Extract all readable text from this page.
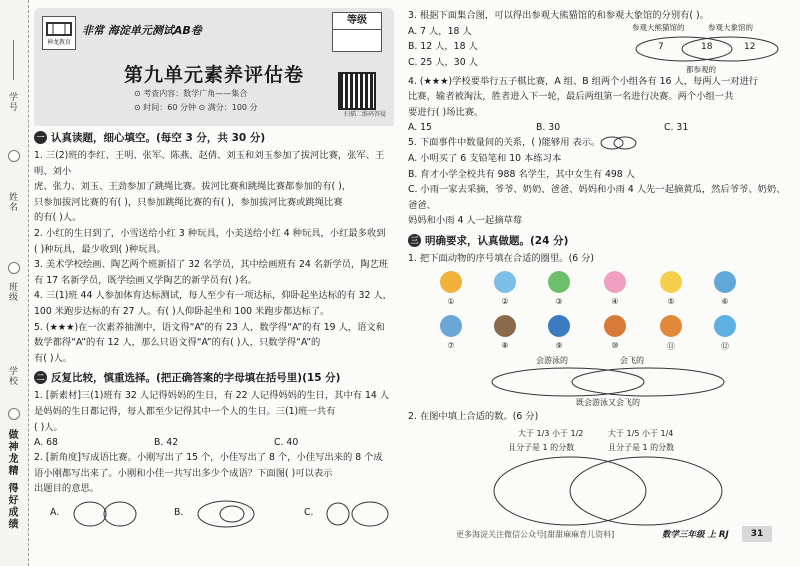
学号
姓名
班级
学校
做神龙精 得好成绩
神龙教育
非常 海淀单元测试AB卷
等级
第九单元素养评估卷
⊙ 考查内容：数学广角——集合
⊙ 时间：60 分钟 ⊙ 满分：100 分
扫描二维码答疑
一 认真读题，细心填空。(每空 3 分，共 30 分)

1. 三(2)班的李红、王明、张军、陈燕、赵倩、刘玉和刘玉参加了拔河比赛，张军、王明、刘小

虎、张力、刘玉、王劲参加了跳绳比赛。拔河比赛和跳绳比赛都参加的有( )，

只参加拔河比赛的有( )，只参加跳绳比赛的有( )，参加拔河比赛或跳绳比赛

的有( )人。

2. 小红的生日到了，小雪送给小红 3 种玩具，小美送给小红 4 种玩具，小红最多收到

( )种玩具，最少收到( )种玩具。

3. 美术学校绘画、陶艺两个班新招了 32 名学员，其中绘画班有 24 名新学员，陶艺班

有 17 名新学员，既学绘画又学陶艺的新学员有( )名。

4. 三(1)班 44 人参加体育达标测试，每人至少有一项达标，仰卧起坐达标的有 32 人，

100 米跑步达标的有 27 人。有( )人仰卧起坐和 100 米跑步都达标了。

5. (★★★)在一次素养抽测中，语文得“A”的有 23 人，数学得“A”的有 19 人，语文和

数学都得“A”的有 12 人，那么只语文得“A”的有( )人，只数学得“A”的

有( )人。

二 反复比较，慎重选择。(把正确答案的字母填在括号里)(15 分)

1. [新素材]三(1)班有 32 人记得妈妈的生日，有 22 人记得妈妈的生日，其中有 14 人

是妈妈的生日都记得，每人都至少记得其中一个人的生日。三(1)班一共有

( )人。

A. 68	B. 42	C. 40

2. [新角度]写成语比赛。小刚写出了 15 个，小佳写出了 8 个，小佳写出来的 8 个成

语小刚都写出来了。小刚和小佳一共写出多少个成语？下面图( )可以表示

出题目的意思。

A.	B.	C.

3. 根据下面集合图，可以得出参观大熊猫馆的和参观大象馆的分别有( )。

A. 7 人，18 人
B. 12 人，18 人
C. 25 人，30 人
参观大熊猫馆的	参观大象馆的
7	18	12
都参观的

4. (★★★)学校要举行五子棋比赛，A 组、B 组两个小组各有 16 人，每两人一对进行

比赛，输者被淘汰，胜者进入下一轮，最后两组第一名进行决赛。两个小组一共

要进行( )场比赛。

A. 15	B. 30	C. 31

5. 下面事件中数量间的关系，( )能够用 表示。

A. 小明买了 6 支铅笔和 10 本练习本

B. 育才小学全校共有 988 名学生，其中女生有 498 人

C. 小雨一家去采摘，爷爷、奶奶、爸爸、妈妈和小雨 4 人先一起摘黄瓜，然后爷爷、奶奶、爸爸、

妈妈和小雨 4 人一起摘草莓

三 明确要求，认真做题。(24 分)

1. 把下面动物的序号填在合适的圈里。(6 分)

①	②	③	④	⑤	⑥
⑦	⑧	⑨	⑩	⑪	⑫
会游泳的	会飞的
既会游泳又会飞的

2. 在图中填上合适的数。(6 分)

大于 1/3 小于 1/2	大于 1/5 小于 1/4
且分子是 1 的分数	且分子是 1 的分数
更多海淀关注微信公众号[甜甜麻麻育儿资料]	数学三年级 上 RJ	31
